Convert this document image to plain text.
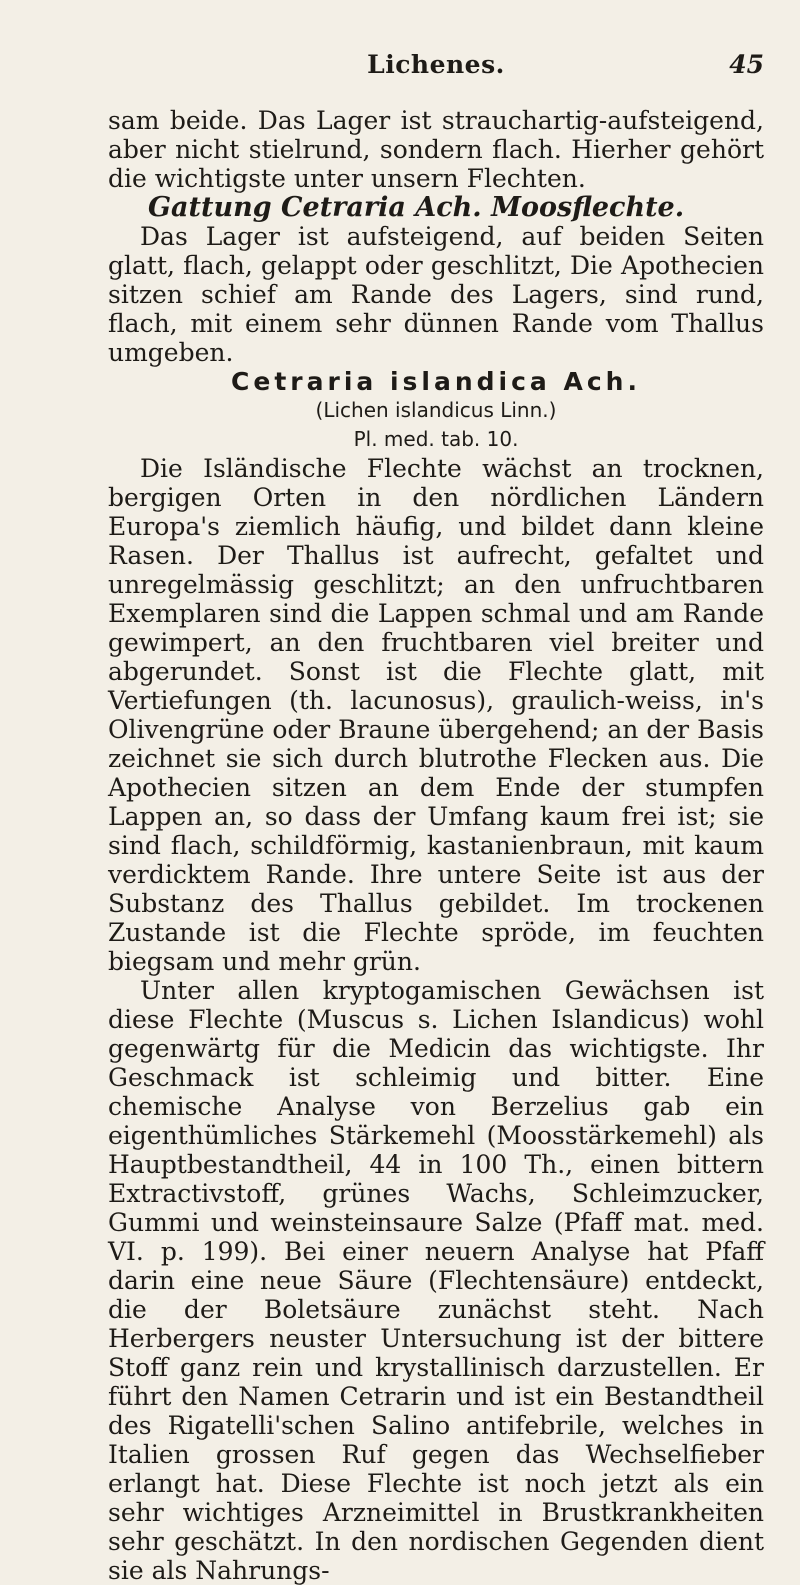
Lichenes.	45

sam beide. Das Lager ist strauchartig-aufsteigend, aber nicht stielrund, sondern flach. Hierher gehört die wichtigste unter unsern Flechten.

Gattung Cetraria Ach. Moosflechte.

Das Lager ist aufsteigend, auf beiden Seiten glatt, flach, gelappt oder geschlitzt, Die Apothecien sitzen schief am Rande des Lagers, sind rund, flach, mit einem sehr dünnen Rande vom Thallus umgeben.

Cetraria islandica Ach.

(Lichen islandicus Linn.)

Pl. med. tab. 10.

Die Isländische Flechte wächst an trocknen, bergigen Orten in den nördlichen Ländern Europa's ziemlich häufig, und bildet dann kleine Rasen. Der Thallus ist aufrecht, gefaltet und unregelmässig geschlitzt; an den unfruchtbaren Exemplaren sind die Lappen schmal und am Rande gewimpert, an den fruchtbaren viel breiter und abgerundet. Sonst ist die Flechte glatt, mit Vertiefungen (th. lacunosus), graulich-weiss, in's Olivengrüne oder Braune übergehend; an der Basis zeichnet sie sich durch blutrothe Flecken aus. Die Apothecien sitzen an dem Ende der stumpfen Lappen an, so dass der Umfang kaum frei ist; sie sind flach, schildförmig, kastanienbraun, mit kaum verdicktem Rande. Ihre untere Seite ist aus der Substanz des Thallus gebildet. Im trockenen Zustande ist die Flechte spröde, im feuchten biegsam und mehr grün.

Unter allen kryptogamischen Gewächsen ist diese Flechte (Muscus s. Lichen Islandicus) wohl gegenwärtg für die Medicin das wichtigste. Ihr Geschmack ist schleimig und bitter. Eine chemische Analyse von Berzelius gab ein eigenthümliches Stärkemehl (Moosstärkemehl) als Hauptbestandtheil, 44 in 100 Th., einen bittern Extractivstoff, grünes Wachs, Schleimzucker, Gummi und weinsteinsaure Salze (Pfaff mat. med. VI. p. 199). Bei einer neuern Analyse hat Pfaff darin eine neue Säure (Flechtensäure) entdeckt, die der Boletsäure zunächst steht. Nach Herbergers neuster Untersuchung ist der bittere Stoff ganz rein und krystallinisch darzustellen. Er führt den Namen Cetrarin und ist ein Bestandtheil des Rigatelli'schen Salino antifebrile, welches in Italien grossen Ruf gegen das Wechselfieber erlangt hat. Diese Flechte ist noch jetzt als ein sehr wichtiges Arzneimittel in Brustkrankheiten sehr geschätzt. In den nordischen Gegenden dient sie als Nahrungs-
